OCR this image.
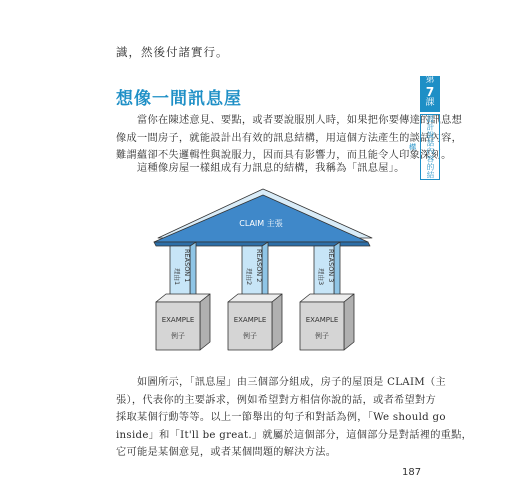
識，然後付諸實行。
想像一間訊息屋
當你在陳述意見、要點，或者要說服別人時，如果把你要傳達的訊息想
像成一間房子，就能設計出有效的訊息結構，用這個方法產生的談話內容，
難謂蘊卻不失邏輯性與說服力，因而具有影響力，而且能令人印象深刻。
這種像房屋一樣組成有力訊息的結構，我稱為「訊息屋」。
第
7
課
設計說話內容的結構
CLAIM 主張
REASON 1
理由1	REASON 2
理由2	REASON 3
理由3
EXAMPLE
例子
EXAMPLE
例子
EXAMPLE
例子
如圖所示，「訊息屋」由三個部分組成，房子的屋頂是 CLAIM（主
張），代表你的主要訴求，例如希望對方相信你說的話，或者希望對方
採取某個行動等等。以上一節舉出的句子和對話為例，「We should go
inside」和「It'll be great.」就屬於這個部分，這個部分是對話裡的重點，
它可能是某個意見，或者某個問題的解決方法。
187
